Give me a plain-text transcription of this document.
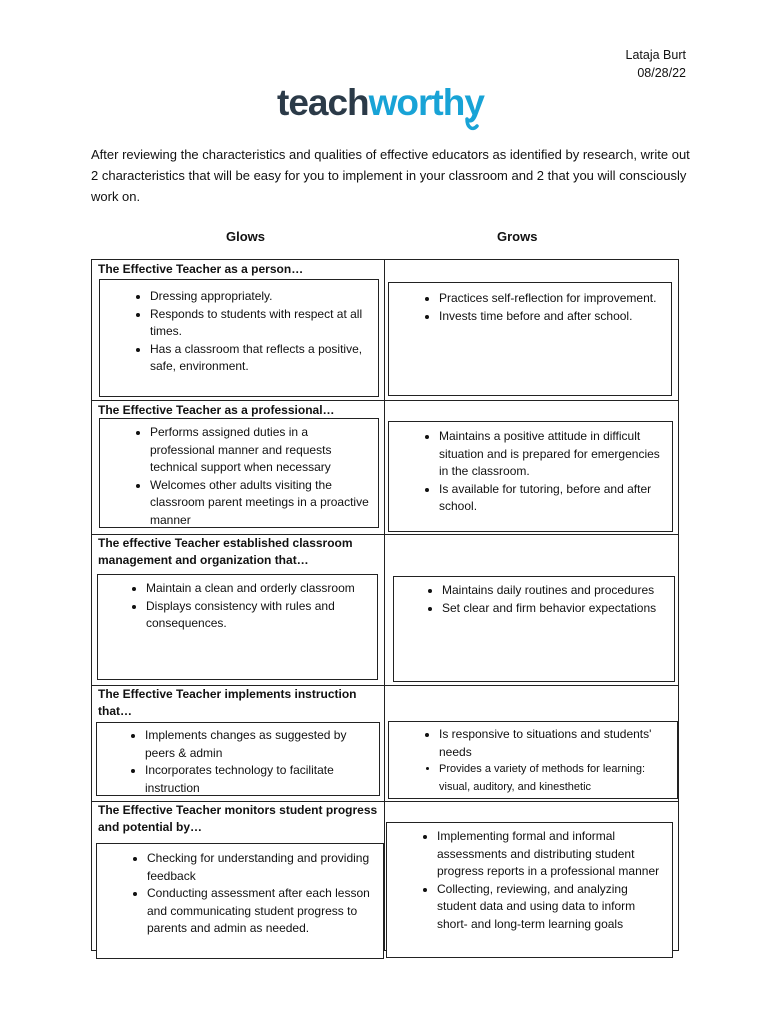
Lataja Burt
08/28/22
teachworthy
After reviewing the characteristics and qualities of effective educators as identified by research, write out 2 characteristics that will be easy for you to implement in your classroom and 2 that you will consciously work on.
Glows	Grows
The Effective Teacher as a person…
• Dressing appropriately.
• Responds to students with respect at all times.
• Has a classroom that reflects a positive, safe, environment.
• Practices self-reflection for improvement.
• Invests time before and after school.
The Effective Teacher as a professional…
• Performs assigned duties in a professional manner and requests technical support when necessary
• Welcomes other adults visiting the classroom parent meetings in a proactive manner
• Maintains a positive attitude in difficult situation and is prepared for emergencies in the classroom.
• Is available for tutoring, before and after school.
The effective Teacher established classroom management and organization that…
• Maintain a clean and orderly classroom
• Displays consistency with rules and consequences.
• Maintains daily routines and procedures
• Set clear and firm behavior expectations
The Effective Teacher implements instruction that…
• Implements changes as suggested by peers & admin
• Incorporates technology to facilitate instruction
• Is responsive to situations and students' needs
• Provides a variety of methods for learning: visual, auditory, and kinesthetic
The Effective Teacher monitors student progress and potential by…
• Checking for understanding and providing feedback
• Conducting assessment after each lesson and communicating student progress to parents and admin as needed.
• Implementing formal and informal assessments and distributing student progress reports in a professional manner
• Collecting, reviewing, and analyzing student data and using data to inform short- and long-term learning goals
